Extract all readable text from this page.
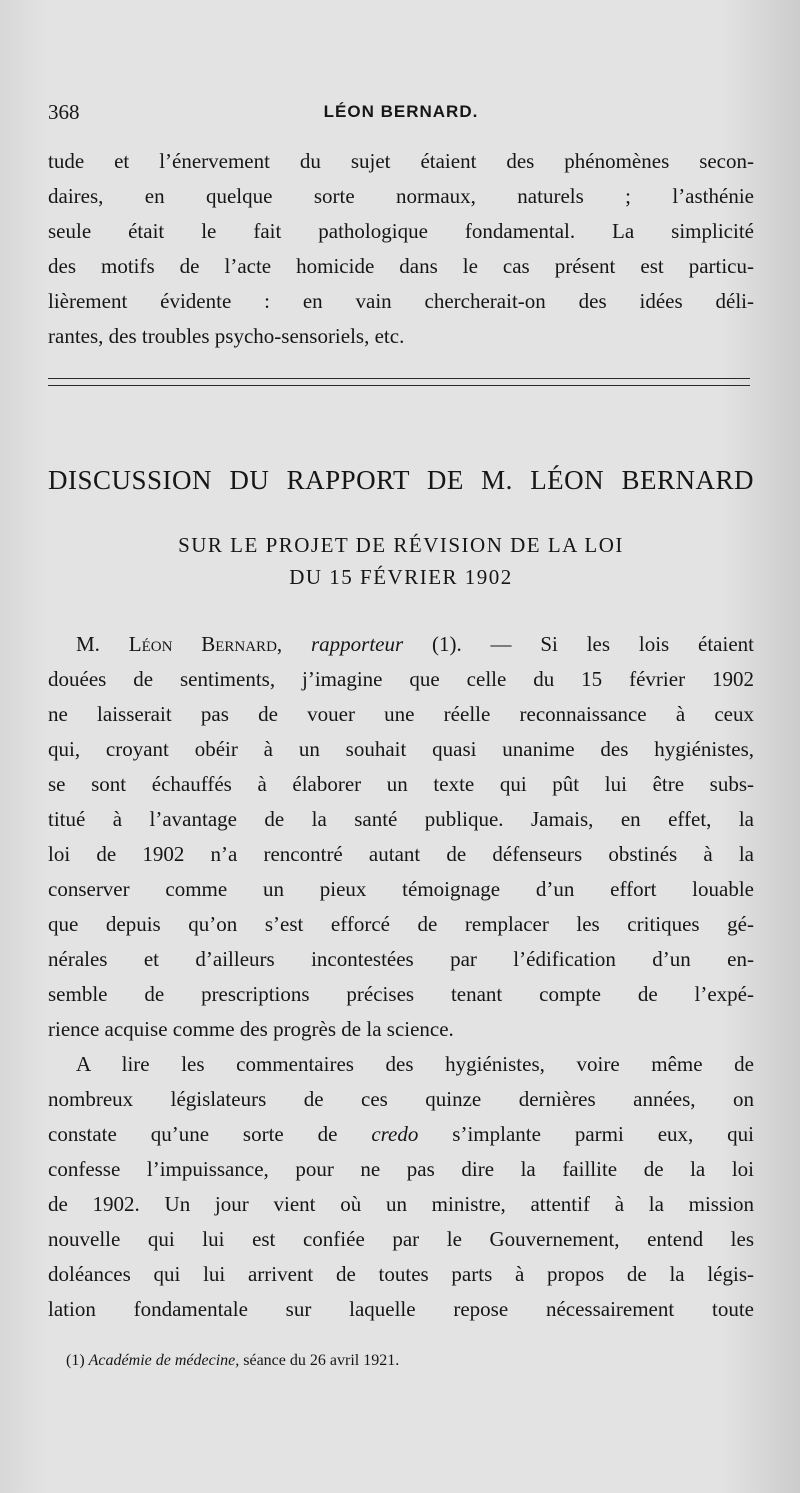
368	LÉON BERNARD.
tude et l’énervement du sujet étaient des phénomènes secon-
daires, en quelque sorte normaux, naturels ; l’asthénie
seule était le fait pathologique fondamental. La simplicité
des motifs de l’acte homicide dans le cas présent est particu-
lièrement évidente : en vain chercherait-on des idées déli-
rantes, des troubles psycho-sensoriels, etc.
DISCUSSION DU RAPPORT DE M. LÉON BERNARD
SUR LE PROJET DE RÉVISION DE LA LOI
DU 15 FÉVRIER 1902
M. Léon Bernard, rapporteur (1). — Si les lois étaient
douées de sentiments, j’imagine que celle du 15 février 1902
ne laisserait pas de vouer une réelle reconnaissance à ceux
qui, croyant obéir à un souhait quasi unanime des hygiénistes,
se sont échauffés à élaborer un texte qui pût lui être subs-
titué à l’avantage de la santé publique. Jamais, en effet, la
loi de 1902 n’a rencontré autant de défenseurs obstinés à la
conserver comme un pieux témoignage d’un effort louable
que depuis qu’on s’est efforcé de remplacer les critiques gé-
nérales et d’ailleurs incontestées par l’édification d’un en-
semble de prescriptions précises tenant compte de l’expé-
rience acquise comme des progrès de la science.
A lire les commentaires des hygiénistes, voire même de
nombreux législateurs de ces quinze dernières années, on
constate qu’une sorte de credo s’implante parmi eux, qui
confesse l’impuissance, pour ne pas dire la faillite de la loi
de 1902. Un jour vient où un ministre, attentif à la mission
nouvelle qui lui est confiée par le Gouvernement, entend les
doléances qui lui arrivent de toutes parts à propos de la légis-
lation fondamentale sur laquelle repose nécessairement toute
(1) Académie de médecine, séance du 26 avril 1921.
